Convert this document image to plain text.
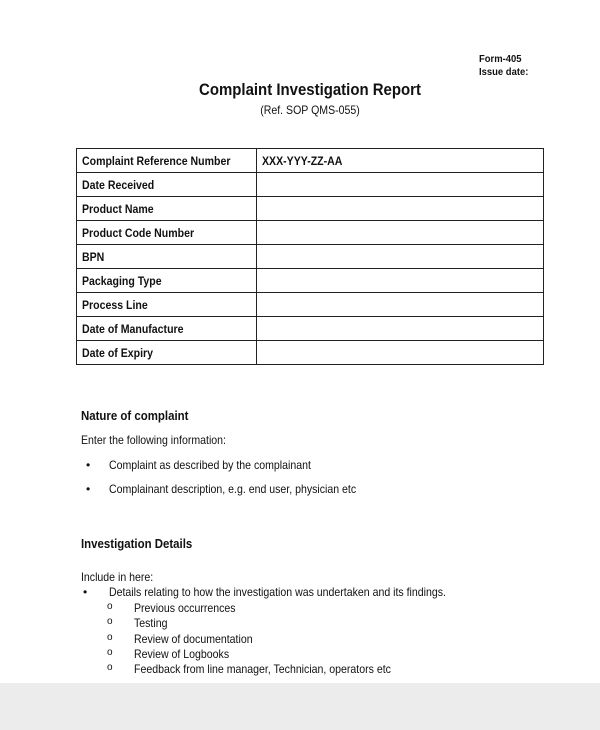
Form-405
Issue date:
Complaint Investigation Report
(Ref. SOP QMS-055)
Complaint Reference Number	XXX-YYY-ZZ-AA
Date Received	
Product Name	
Product Code Number	
BPN	
Packaging Type	
Process Line	
Date of Manufacture	
Date of Expiry	
Nature of complaint
Enter the following information:
• Complaint as described by the complainant
• Complainant description, e.g. end user, physician etc
Investigation Details
Include in here:
• Details relating to how the investigation was undertaken and its findings.
o Previous occurrences
o Testing
o Review of documentation
o Review of Logbooks
o Feedback from line manager, Technician, operators etc
